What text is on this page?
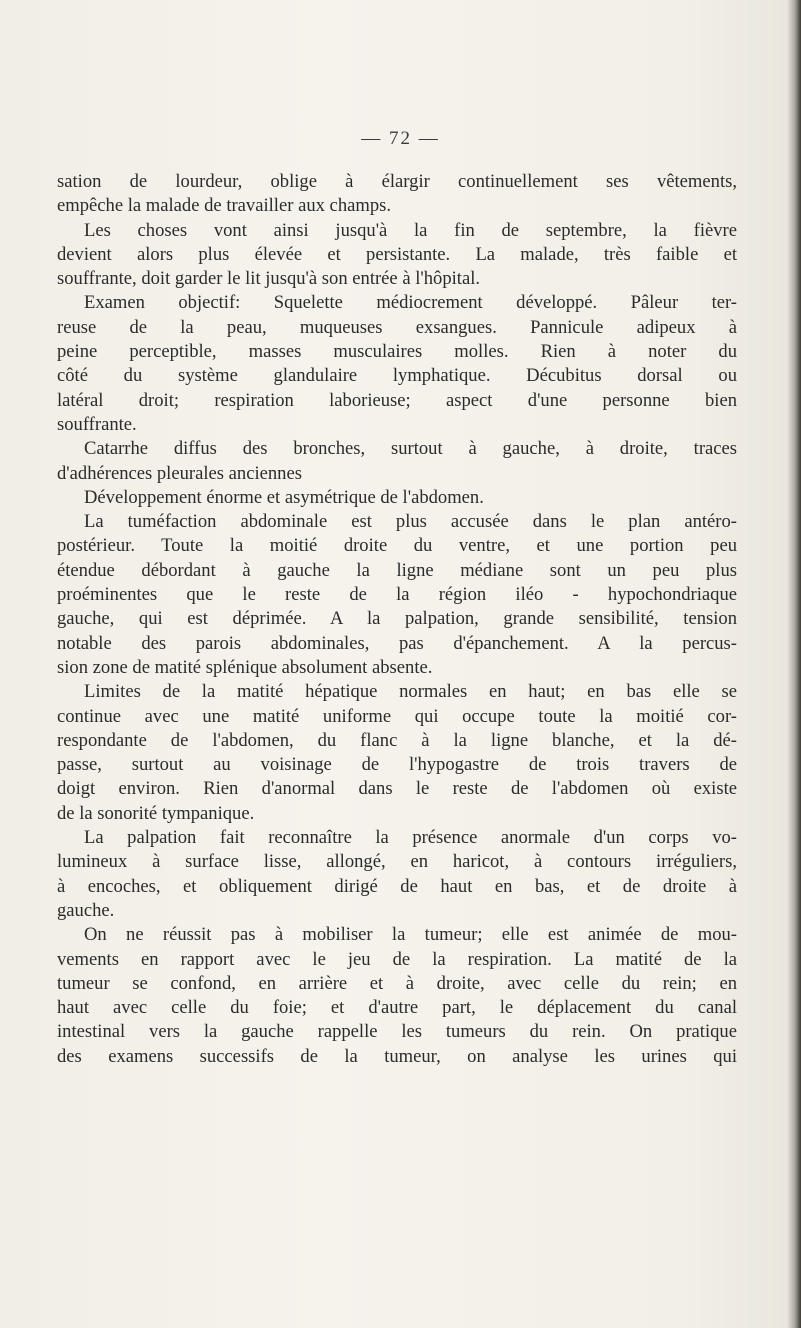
— 72 —
sation de lourdeur, oblige à élargir continuellement ses vêtements,
empêche la malade de travailler aux champs.
Les choses vont ainsi jusqu'à la fin de septembre, la fièvre
devient alors plus élevée et persistante. La malade, très faible et
souffrante, doit garder le lit jusqu'à son entrée à l'hôpital.
Examen objectif: Squelette médiocrement développé. Pâleur ter-
reuse de la peau, muqueuses exsangues. Pannicule adipeux à
peine perceptible, masses musculaires molles. Rien à noter du
côté du système glandulaire lymphatique. Décubitus dorsal ou
latéral droit; respiration laborieuse; aspect d'une personne bien
souffrante.
Catarrhe diffus des bronches, surtout à gauche, à droite, traces
d'adhérences pleurales anciennes
Développement énorme et asymétrique de l'abdomen.
La tuméfaction abdominale est plus accusée dans le plan antéro-
postérieur. Toute la moitié droite du ventre, et une portion peu
étendue débordant à gauche la ligne médiane sont un peu plus
proéminentes que le reste de la région iléo - hypochondriaque
gauche, qui est déprimée. A la palpation, grande sensibilité, tension
notable des parois abdominales, pas d'épanchement. A la percus-
sion zone de matité splénique absolument absente.
Limites de la matité hépatique normales en haut; en bas elle se
continue avec une matité uniforme qui occupe toute la moitié cor-
respondante de l'abdomen, du flanc à la ligne blanche, et la dé-
passe, surtout au voisinage de l'hypogastre de trois travers de
doigt environ. Rien d'anormal dans le reste de l'abdomen où existe
de la sonorité tympanique.
La palpation fait reconnaître la présence anormale d'un corps vo-
lumineux à surface lisse, allongé, en haricot, à contours irréguliers,
à encoches, et obliquement dirigé de haut en bas, et de droite à
gauche.
On ne réussit pas à mobiliser la tumeur; elle est animée de mou-
vements en rapport avec le jeu de la respiration. La matité de la
tumeur se confond, en arrière et à droite, avec celle du rein; en
haut avec celle du foie; et d'autre part, le déplacement du canal
intestinal vers la gauche rappelle les tumeurs du rein. On pratique
des examens successifs de la tumeur, on analyse les urines qui
